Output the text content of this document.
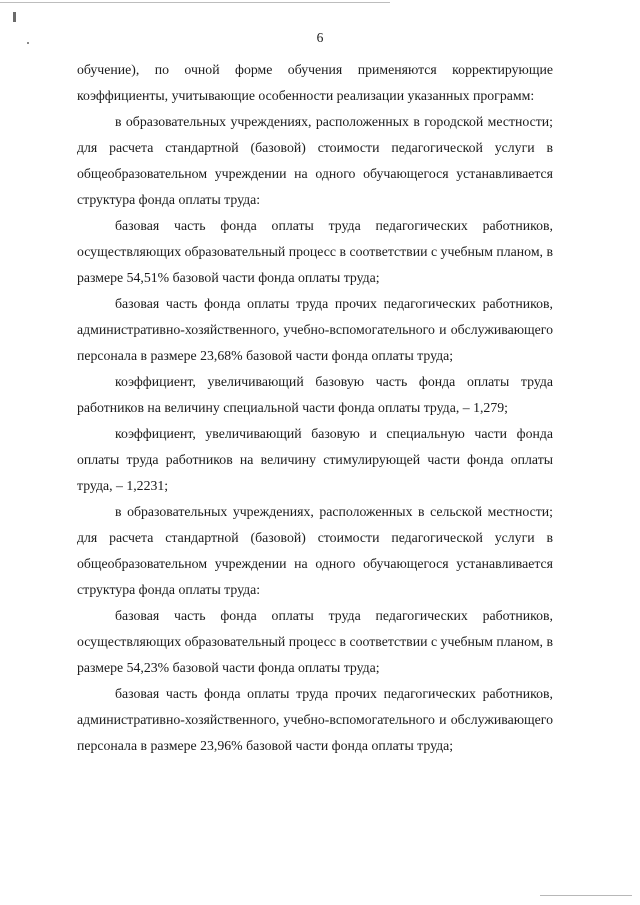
6

обучение), по очной форме обучения применяются корректирующие коэффициенты, учитывающие особенности реализации указанных программ:

в образовательных учреждениях, расположенных в городской местности; для расчета стандартной (базовой) стоимости педагогической услуги в общеобразовательном учреждении на одного обучающегося устанавливается структура фонда оплаты труда:

базовая часть фонда оплаты труда педагогических работников, осуществляющих образовательный процесс в соответствии с учебным планом, в размере 54,51% базовой части фонда оплаты труда;

базовая часть фонда оплаты труда прочих педагогических работников, административно-хозяйственного, учебно-вспомогательного и обслуживающего персонала в размере 23,68% базовой части фонда оплаты труда;

коэффициент, увеличивающий базовую часть фонда оплаты труда работников на величину специальной части фонда оплаты труда, – 1,279;

коэффициент, увеличивающий базовую и специальную части фонда оплаты труда работников на величину стимулирующей части фонда оплаты труда, – 1,2231;

в образовательных учреждениях, расположенных в сельской местности; для расчета стандартной (базовой) стоимости педагогической услуги в общеобразовательном учреждении на одного обучающегося устанавливается структура фонда оплаты труда:

базовая часть фонда оплаты труда педагогических работников, осуществляющих образовательный процесс в соответствии с учебным планом, в размере 54,23% базовой части фонда оплаты труда;

базовая часть фонда оплаты труда прочих педагогических работников, административно-хозяйственного, учебно-вспомогательного и обслуживающего персонала в размере 23,96% базовой части фонда оплаты труда;
